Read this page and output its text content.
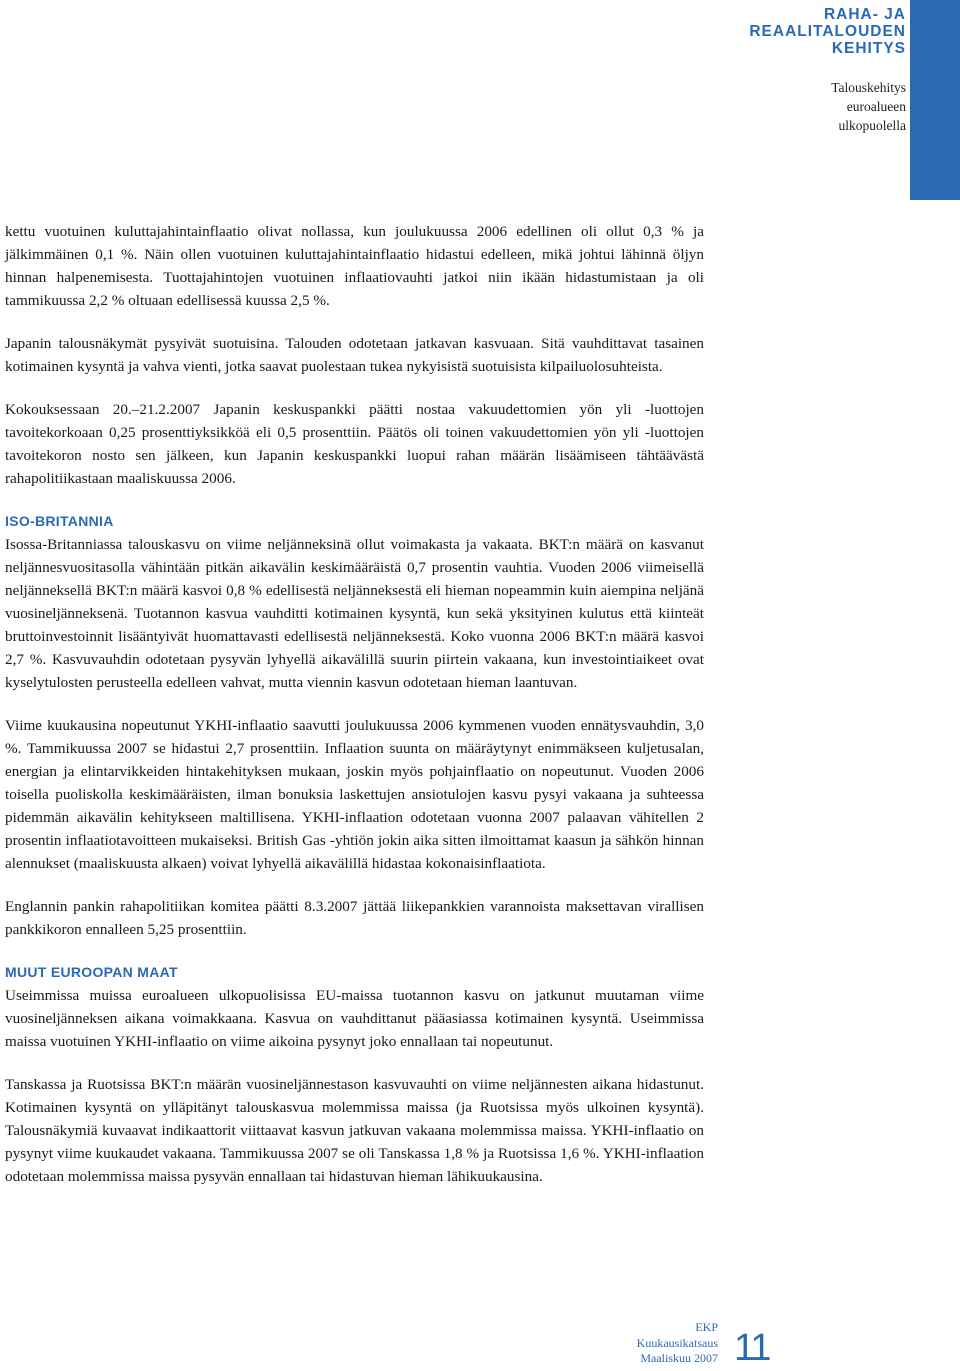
RAHA- JA
REAALITALOUDEN
KEHITYS
Talouskehitys
euroalueen
ulkopuolella

kettu vuotuinen kuluttajahintainflaatio olivat nollassa, kun joulukuussa 2006 edellinen oli ollut 0,3 % ja jälkimmäinen 0,1 %. Näin ollen vuotuinen kuluttajahintainflaatio hidastui edelleen, mikä johtui lähinnä öljyn hinnan halpenemisesta. Tuottajahintojen vuotuinen inflaatiovauhti jatkoi niin ikään hidastumistaan ja oli tammikuussa 2,2 % oltuaan edellisessä kuussa 2,5 %.

Japanin talousnäkymät pysyivät suotuisina. Talouden odotetaan jatkavan kasvuaan. Sitä vauhdittavat tasainen kotimainen kysyntä ja vahva vienti, jotka saavat puolestaan tukea nykyisistä suotuisista kilpailuolosuhteista.

Kokouksessaan 20.–21.2.2007 Japanin keskuspankki päätti nostaa vakuudettomien yön yli -luottojen tavoitekorkoaan 0,25 prosenttiyksikköä eli 0,5 prosenttiin. Päätös oli toinen vakuudettomien yön yli -luottojen tavoitekoron nosto sen jälkeen, kun Japanin keskuspankki luopui rahan määrän lisäämiseen tähtäävästä rahapolitiikastaan maaliskuussa 2006.

ISO-BRITANNIA

Isossa-Britanniassa talouskasvu on viime neljänneksinä ollut voimakasta ja vakaata. BKT:n määrä on kasvanut neljännesvuositasolla vähintään pitkän aikavälin keskimääräistä 0,7 prosentin vauhtia. Vuoden 2006 viimeisellä neljänneksellä BKT:n määrä kasvoi 0,8 % edellisestä neljänneksestä eli hieman nopeammin kuin aiempina neljänä vuosineljänneksenä. Tuotannon kasvua vauhditti kotimainen kysyntä, kun sekä yksityinen kulutus että kiinteät bruttoinvestoinnit lisääntyivät huomattavasti edellisestä neljänneksestä. Koko vuonna 2006 BKT:n määrä kasvoi 2,7 %. Kasvuvauhdin odotetaan pysyvän lyhyellä aikavälillä suurin piirtein vakaana, kun investointiaikeet ovat kyselytulosten perusteella edelleen vahvat, mutta viennin kasvun odotetaan hieman laantuvan.

Viime kuukausina nopeutunut YKHI-inflaatio saavutti joulukuussa 2006 kymmenen vuoden ennätysvauhdin, 3,0 %. Tammikuussa 2007 se hidastui 2,7 prosenttiin. Inflaation suunta on määräytynyt enimmäkseen kuljetusalan, energian ja elintarvikkeiden hintakehityksen mukaan, joskin myös pohjainflaatio on nopeutunut. Vuoden 2006 toisella puoliskolla keskimääräisten, ilman bonuksia laskettujen ansiotulojen kasvu pysyi vakaana ja suhteessa pidemmän aikavälin kehitykseen maltillisena. YKHI-inflaation odotetaan vuonna 2007 palaavan vähitellen 2 prosentin inflaatiotavoitteen mukaiseksi. British Gas -yhtiön jokin aika sitten ilmoittamat kaasun ja sähkön hinnan alennukset (maaliskuusta alkaen) voivat lyhyellä aikavälillä hidastaa kokonaisinflaatiota.

Englannin pankin rahapolitiikan komitea päätti 8.3.2007 jättää liikepankkien varannoista maksettavan virallisen pankkikoron ennalleen 5,25 prosenttiin.

MUUT EUROOPAN MAAT

Useimmissa muissa euroalueen ulkopuolisissa EU-maissa tuotannon kasvu on jatkunut muutaman viime vuosineljänneksen aikana voimakkaana. Kasvua on vauhdittanut pääasiassa kotimainen kysyntä. Useimmissa maissa vuotuinen YKHI-inflaatio on viime aikoina pysynyt joko ennallaan tai nopeutunut.

Tanskassa ja Ruotsissa BKT:n määrän vuosineljännestason kasvuvauhti on viime neljännesten aikana hidastunut. Kotimainen kysyntä on ylläpitänyt talouskasvua molemmissa maissa (ja Ruotsissa myös ulkoinen kysyntä). Talousnäkymiä kuvaavat indikaattorit viittaavat kasvun jatkuvan vakaana molemmissa maissa. YKHI-inflaatio on pysynyt viime kuukaudet vakaana. Tammikuussa 2007 se oli Tanskassa 1,8 % ja Ruotsissa 1,6 %. YKHI-inflaation odotetaan molemmissa maissa pysyvän ennallaan tai hidastuvan hieman lähikuukausina.

EKP
Kuukausikatsaus
Maaliskuu 2007 11
